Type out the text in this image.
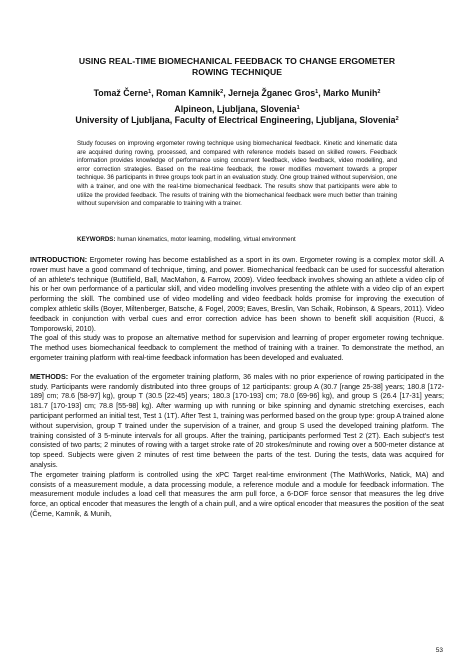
USING REAL-TIME BIOMECHANICAL FEEDBACK TO CHANGE ERGOMETER
ROWING TECHNIQUE
Tomaž Černe$^1$, Roman Kamnik$^2$, Jerneja Žganec Gros$^1$, Marko Munih$^2$
Alpineon, Ljubljana, Slovenia$^1$
University of Ljubljana, Faculty of Electrical Engineering, Ljubljana, Slovenia$^2$
Study focuses on improving ergometer rowing technique using biomechanical feedback. Kinetic and kinematic data are acquired during rowing, processed, and compared with reference models based on skilled rowers. Feedback information provides knowledge of performance using concurrent feedback, video feedback, video modelling, and error correction strategies. Based on the real-time feedback, the rower modifies movement towards a proper technique. 36 participants in three groups took part in an evaluation study. One group trained without supervision, one with a trainer, and one with the real-time biomechanical feedback. The results show that participants were able to utilize the provided feedback. The results of training with the biomechanical feedback were much better than training without supervision and comparable to training with a trainer.
KEYWORDS: human kinematics, motor learning, modelling, virtual environment

INTRODUCTION: Ergometer rowing has become established as a sport in its own. Ergometer rowing is a complex motor skill. A rower must have a good command of technique, timing, and power. Biomechanical feedback can be used for successful alteration of an athlete's technique (Buttifield, Ball, MacMahon, & Farrow, 2009). Video feedback involves showing an athlete a video clip of his or her own performance of a particular skill, and video modelling involves presenting the athlete with a video clip of an expert performing the skill. The combined use of video modelling and video feedback holds promise for improving the execution of complex athletic skills (Boyer, Miltenberger, Batsche, & Fogel, 2009; Eaves, Breslin, Van Schaik, Robinson, & Spears, 2011). Video feedback in conjunction with verbal cues and error correction advice has been shown to benefit skill acquisition (Rucci, & Tomporowski, 2010).

The goal of this study was to propose an alternative method for supervision and learning of proper ergometer rowing technique. The method uses biomechanical feedback to complement the method of training with a trainer. To demonstrate the method, an ergometer training platform with real-time feedback information has been developed and evaluated.

METHODS: For the evaluation of the ergometer training platform, 36 males with no prior experience of rowing participated in the study. Participants were randomly distributed into three groups of 12 participants: group A (30.7 [range 25-38] years; 180.8 [172-189] cm; 78.6 [58-97] kg), group T (30.5 [22-45] years; 180.3 [170-193] cm; 78.0 [69-96] kg), and group S (26.4 [17-31] years; 181.7 [170-193] cm; 78.8 [55-98] kg). After warming up with running or bike spinning and dynamic stretching exercises, each participant performed an initial test, Test 1 (1T). After Test 1, training was performed based on the group type: group A trained alone without supervision, group T trained under the supervision of a trainer, and group S used the developed training platform. The training consisted of 3 5-minute intervals for all groups. After the training, participants performed Test 2 (2T). Each subject's test consisted of two parts; 2 minutes of rowing with a target stroke rate of 20 strokes/minute and rowing over a 500-meter distance at top speed. Subjects were given 2 minutes of rest time between the parts of the test. During the tests, data was acquired for analysis.

The ergometer training platform is controlled using the xPC Target real-time environment (The MathWorks, Natick, MA) and consists of a measurement module, a data processing module, a reference module and a module for feedback information. The measurement module includes a load cell that measures the arm pull force, a 6-DOF force sensor that measures the leg drive force, an optical encoder that measures the length of a chain pull, and a wire optical encoder that measures the position of the seat (Černe, Kamnik, & Munih,

53
